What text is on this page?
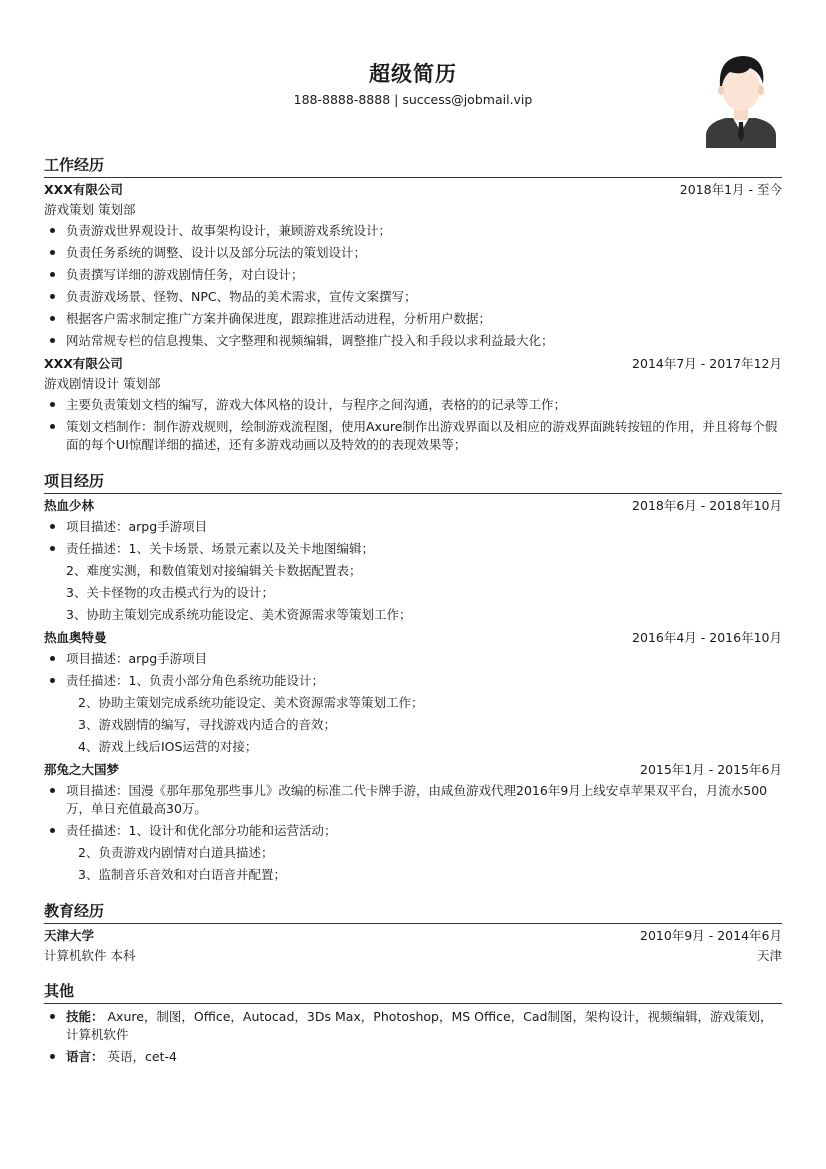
超级简历
188-8888-8888 | success@jobmail.vip
工作经历
XXX有限公司	2018年1月 - 至今
游戏策划 策划部
负责游戏世界观设计、故事架构设计，兼顾游戏系统设计；
负责任务系统的调整、设计以及部分玩法的策划设计；
负责撰写详细的游戏剧情任务，对白设计；
负责游戏场景、怪物、NPC、物品的美术需求，宣传文案撰写；
根据客户需求制定推广方案并确保进度，跟踪推进活动进程，分析用户数据；
网站常规专栏的信息搜集、文字整理和视频编辑，调整推广投入和手段以求利益最大化；
XXX有限公司	2014年7月 - 2017年12月
游戏剧情设计 策划部
主要负责策划文档的编写，游戏大体风格的设计，与程序之间沟通，表格的的记录等工作；
策划文档制作：制作游戏规则，绘制游戏流程图，使用Axure制作出游戏界面以及相应的游戏界面跳转按钮的作用，并且将每个假面的每个UI惊醒详细的描述，还有多游戏动画以及特效的的表现效果等；
项目经历
热血少林	2018年6月 - 2018年10月
项目描述：arpg手游项目
责任描述：1、关卡场景、场景元素以及关卡地图编辑；
2、难度实测，和数值策划对接编辑关卡数据配置表；
3、关卡怪物的攻击模式行为的设计；
3、协助主策划完成系统功能设定、美术资源需求等策划工作；
热血奥特曼	2016年4月 - 2016年10月
项目描述：arpg手游项目
责任描述：1、负责小部分角色系统功能设计；
2、协助主策划完成系统功能设定、美术资源需求等策划工作；
3、游戏剧情的编写，寻找游戏内适合的音效；
4、游戏上线后IOS运营的对接；
那兔之大国梦	2015年1月 - 2015年6月
项目描述：国漫《那年那兔那些事儿》改编的标准二代卡牌手游，由咸鱼游戏代理2016年9月上线安卓苹果双平台，月流水500万，单日充值最高30万。
责任描述：1、设计和优化部分功能和运营活动；
2、负责游戏内剧情对白道具描述；
3、监制音乐音效和对白语音并配置；
教育经历
天津大学	2010年9月 - 2014年6月
计算机软件 本科	天津
其他
技能： Axure，制图，Office，Autocad，3Ds Max，Photoshop，MS Office，Cad制图，架构设计，视频编辑，游戏策划，计算机软件
语言： 英语，cet-4
